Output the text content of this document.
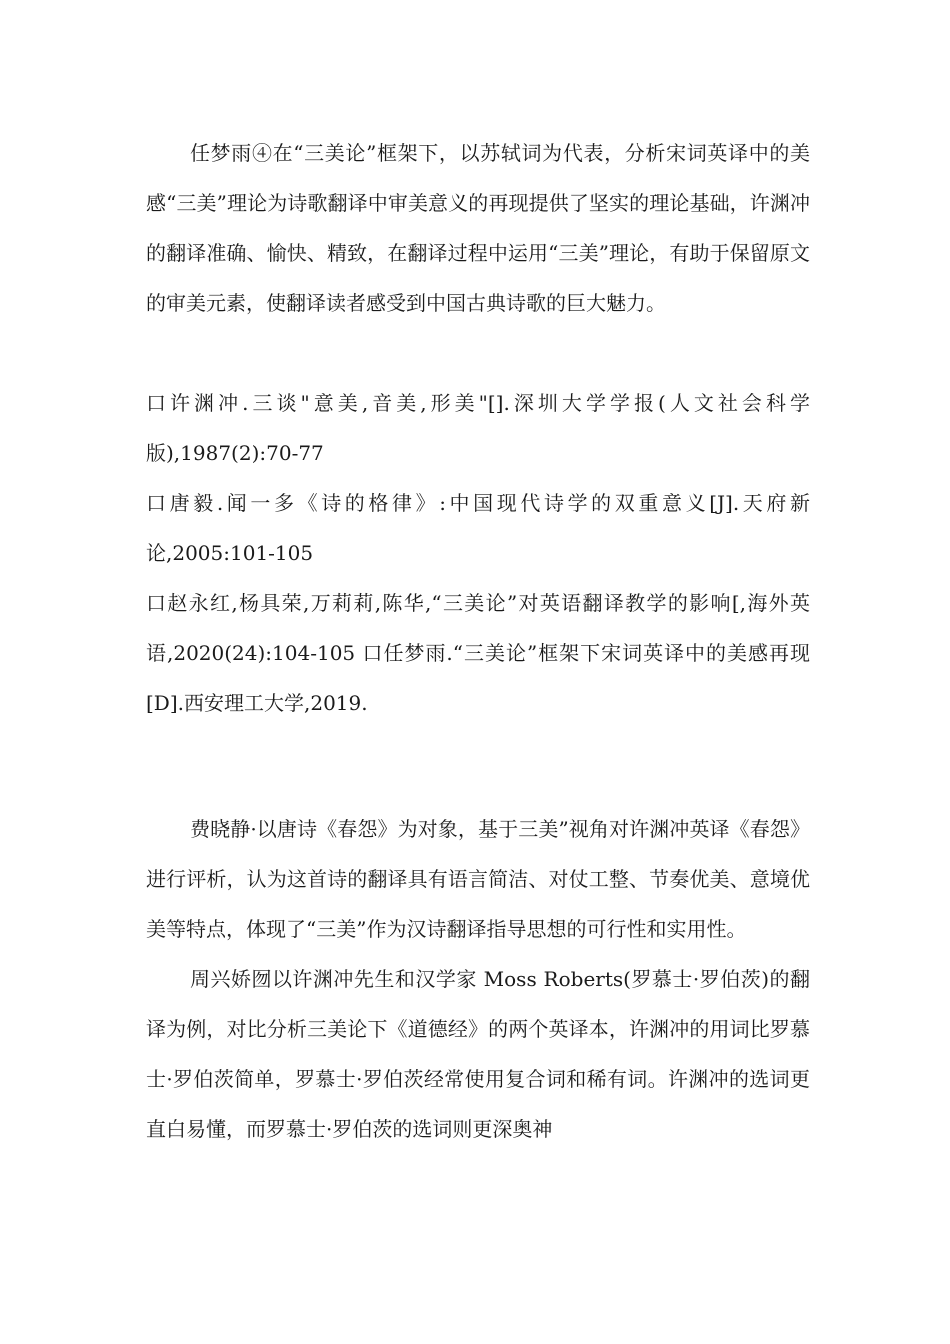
任梦雨④在“三美论”框架下，以苏轼词为代表，分析宋词英译中的美感“三美”理论为诗歌翻译中审美意义的再现提供了坚实的理论基础，许渊冲的翻译准确、愉快、精致，在翻译过程中运用“三美”理论，有助于保留原文的审美元素，使翻译读者感受到中国古典诗歌的巨大魅力。

口许渊冲.三谈"意美,音美,形美"[].深圳大学学报(人文社会科学版),1987(2):70-77

口唐毅.闻一多《诗的格律》:中国现代诗学的双重意义[J].天府新论,2005:101-105

口赵永红,杨具荣,万莉莉,陈华,“三美论”对英语翻译教学的影响[,海外英语,2020(24):104-105 口任梦雨.“三美论”框架下宋词英译中的美感再现[D].西安理工大学,2019.

费晓静·以唐诗《春怨》为对象，基于三美”视角对许渊冲英译《春怨》进行评析，认为这首诗的翻译具有语言简洁、对仗工整、节奏优美、意境优美等特点，体现了“三美”作为汉诗翻译指导思想的可行性和实用性。

周兴娇囫以许渊冲先生和汉学家 Moss Roberts(罗慕士·罗伯茨)的翻译为例，对比分析三美论下《道德经》的两个英译本，许渊冲的用词比罗慕士·罗伯茨简单，罗慕士·罗伯茨经常使用复合词和稀有词。许渊冲的选词更直白易懂，而罗慕士·罗伯茨的选词则更深奥神
